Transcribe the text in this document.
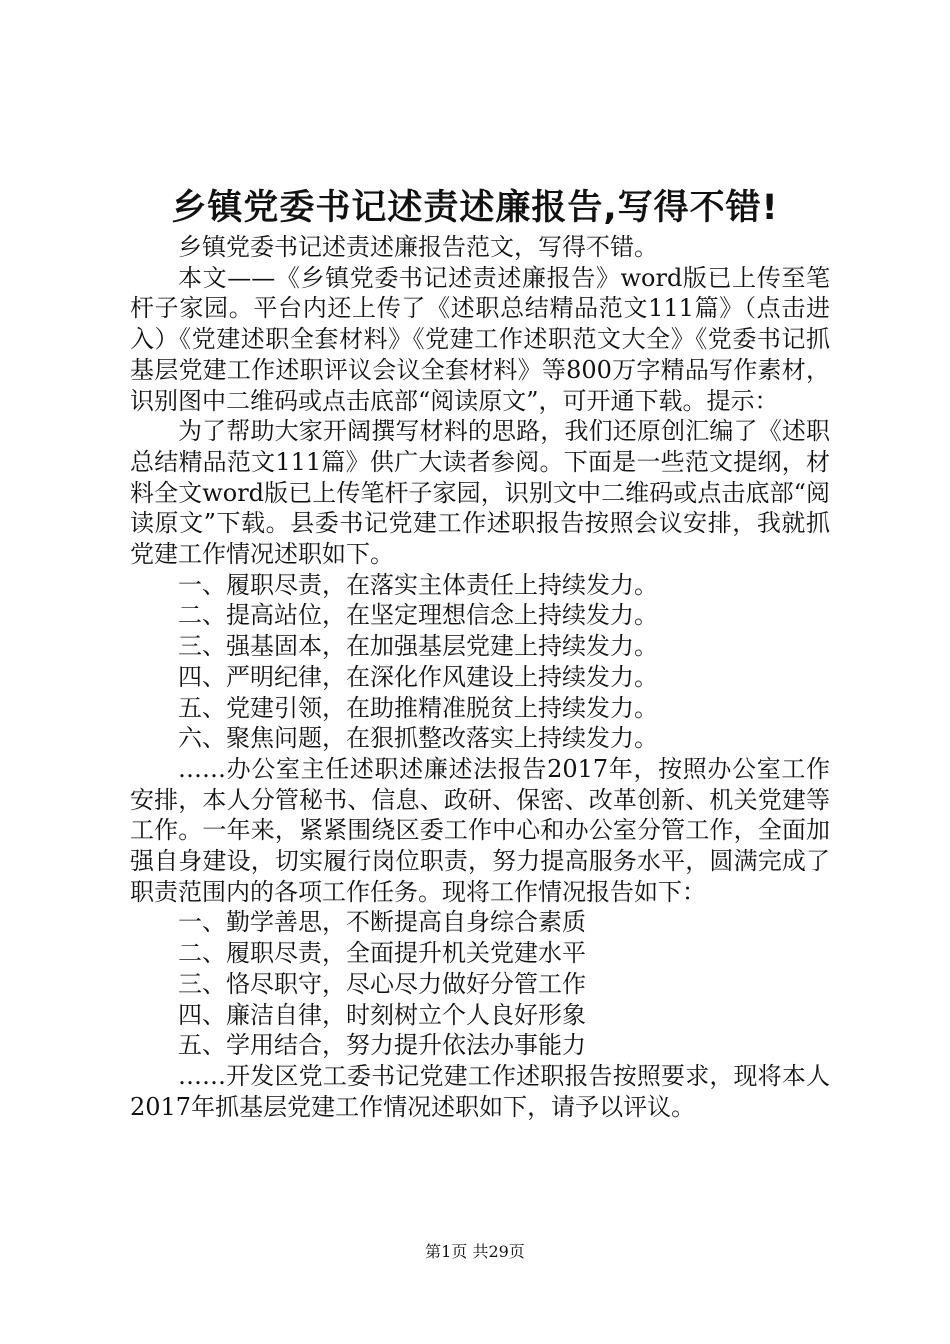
乡镇党委书记述责述廉报告,写得不错!

乡镇党委书记述责述廉报告范文，写得不错。

本文——《乡镇党委书记述责述廉报告》word版已上传至笔杆子家园。平台内还上传了《述职总结精品范文111篇》（点击进入）《党建述职全套材料》《党建工作述职范文大全》《党委书记抓基层党建工作述职评议会议全套材料》等800万字精品写作素材，识别图中二维码或点击底部“阅读原文”，可开通下载。提示：

为了帮助大家开阔撰写材料的思路，我们还原创汇编了《述职总结精品范文111篇》供广大读者参阅。下面是一些范文提纲，材料全文word版已上传笔杆子家园，识别文中二维码或点击底部“阅读原文”下载。县委书记党建工作述职报告按照会议安排，我就抓党建工作情况述职如下。

一、履职尽责，在落实主体责任上持续发力。

二、提高站位，在坚定理想信念上持续发力。

三、强基固本，在加强基层党建上持续发力。

四、严明纪律，在深化作风建设上持续发力。

五、党建引领，在助推精准脱贫上持续发力。

六、聚焦问题，在狠抓整改落实上持续发力。

……办公室主任述职述廉述法报告2017年，按照办公室工作安排，本人分管秘书、信息、政研、保密、改革创新、机关党建等工作。一年来，紧紧围绕区委工作中心和办公室分管工作，全面加强自身建设，切实履行岗位职责，努力提高服务水平，圆满完成了职责范围内的各项工作任务。现将工作情况报告如下：

一、勤学善思，不断提高自身综合素质

二、履职尽责，全面提升机关党建水平

三、恪尽职守，尽心尽力做好分管工作

四、廉洁自律，时刻树立个人良好形象

五、学用结合，努力提升依法办事能力

……开发区党工委书记党建工作述职报告按照要求，现将本人2017年抓基层党建工作情况述职如下，请予以评议。

第1页 共29页
